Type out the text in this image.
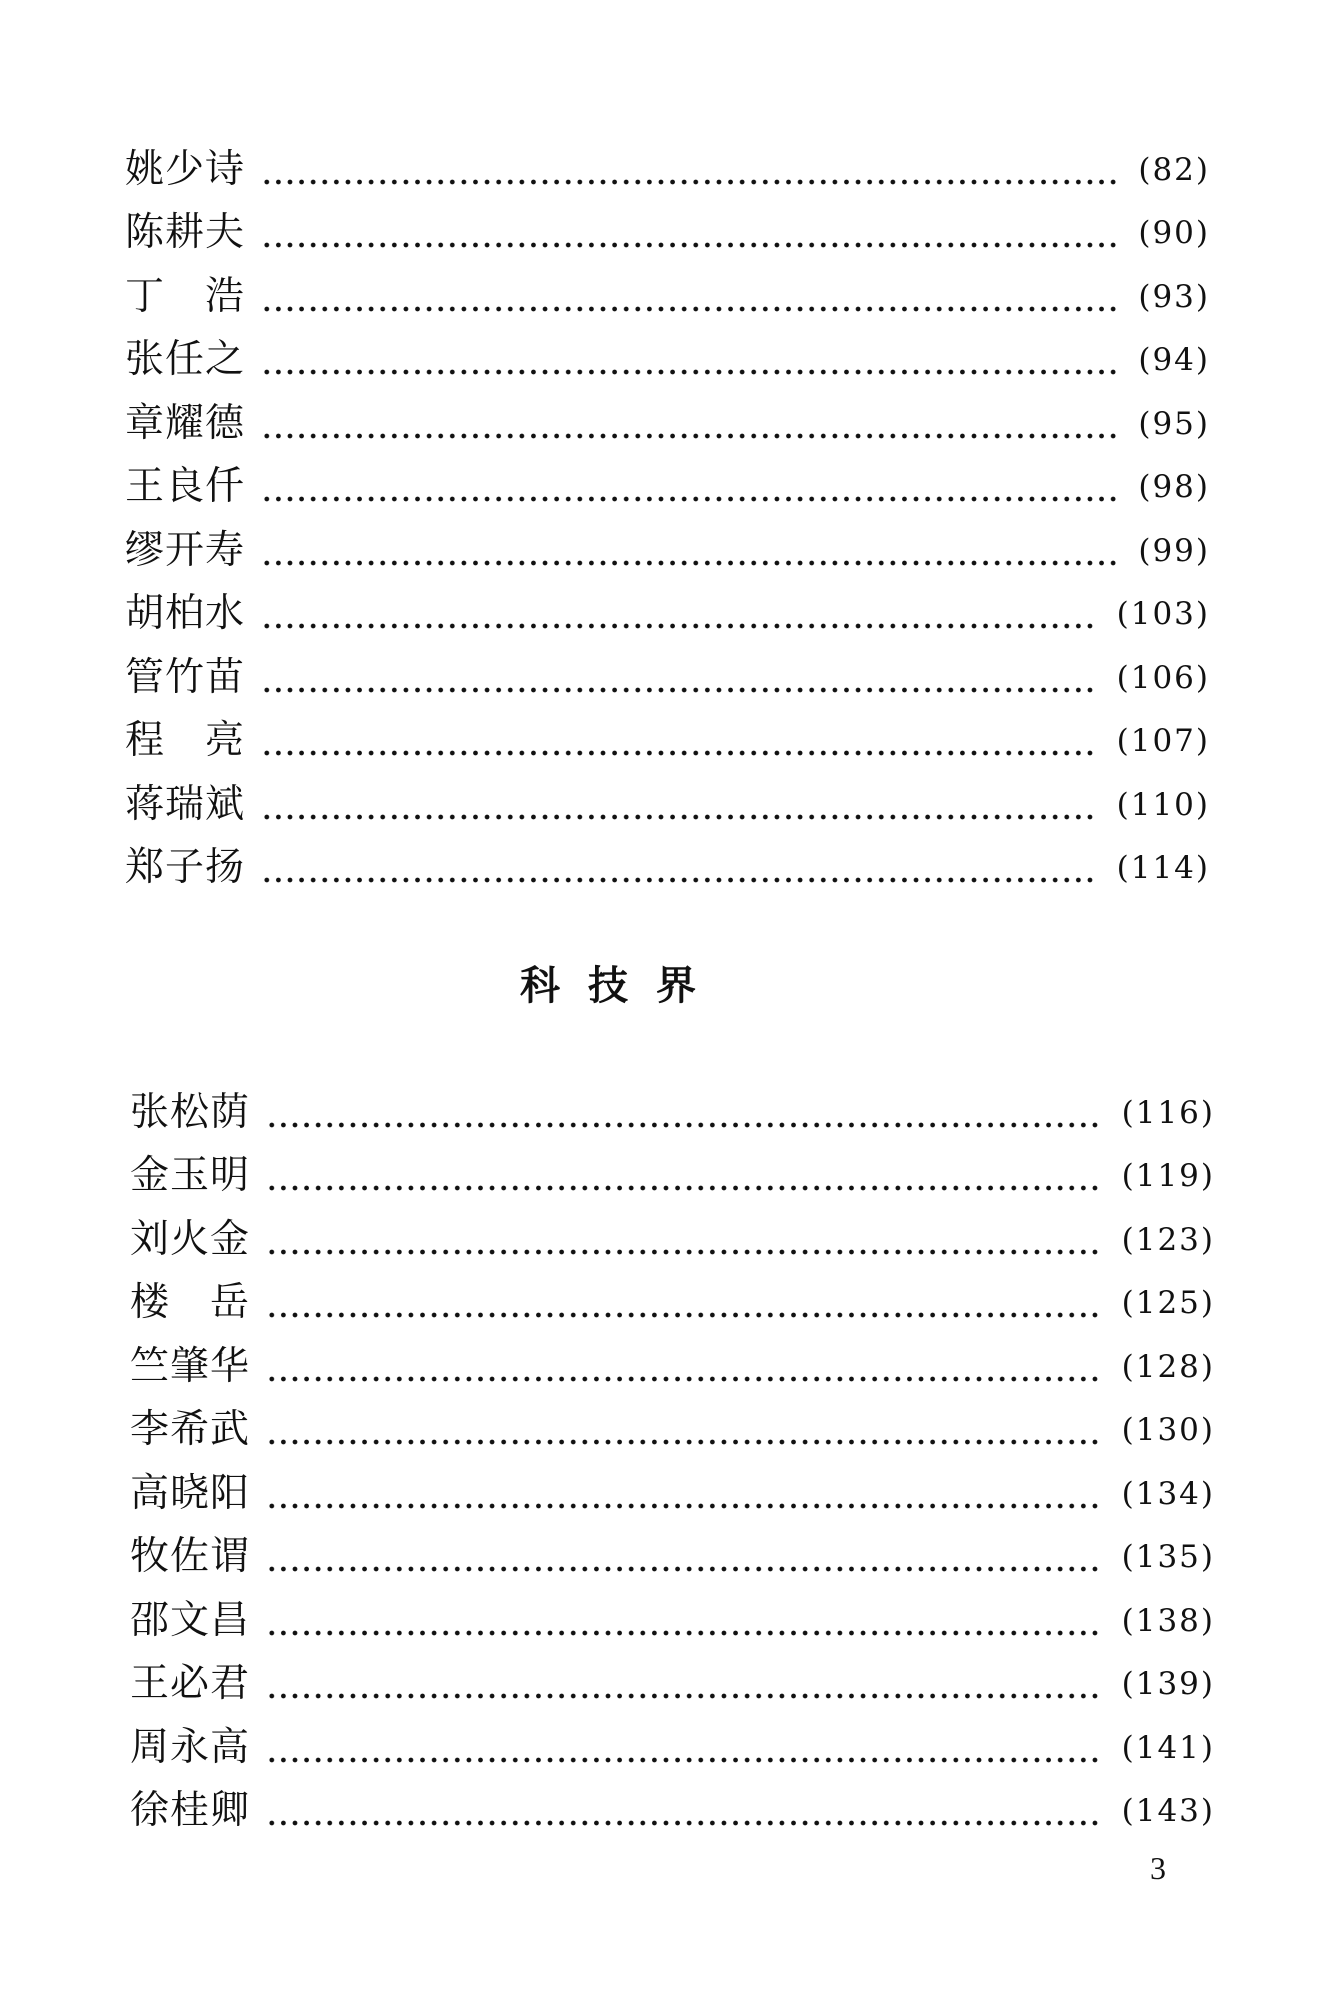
姚少诗	(82)
陈耕夫	(90)
丁　浩	(93)
张任之	(94)
章耀德	(95)
王良仟	(98)
缪开寿	(99)
胡柏水	(103)
管竹苗	(106)
程　亮	(107)
蒋瑞斌	(110)
郑子扬	(114)
科技界
张松荫	(116)
金玉明	(119)
刘火金	(123)
楼　岳	(125)
竺肇华	(128)
李希武	(130)
高晓阳	(134)
牧佐谓	(135)
邵文昌	(138)
王必君	(139)
周永高	(141)
徐桂卿	(143)
3
